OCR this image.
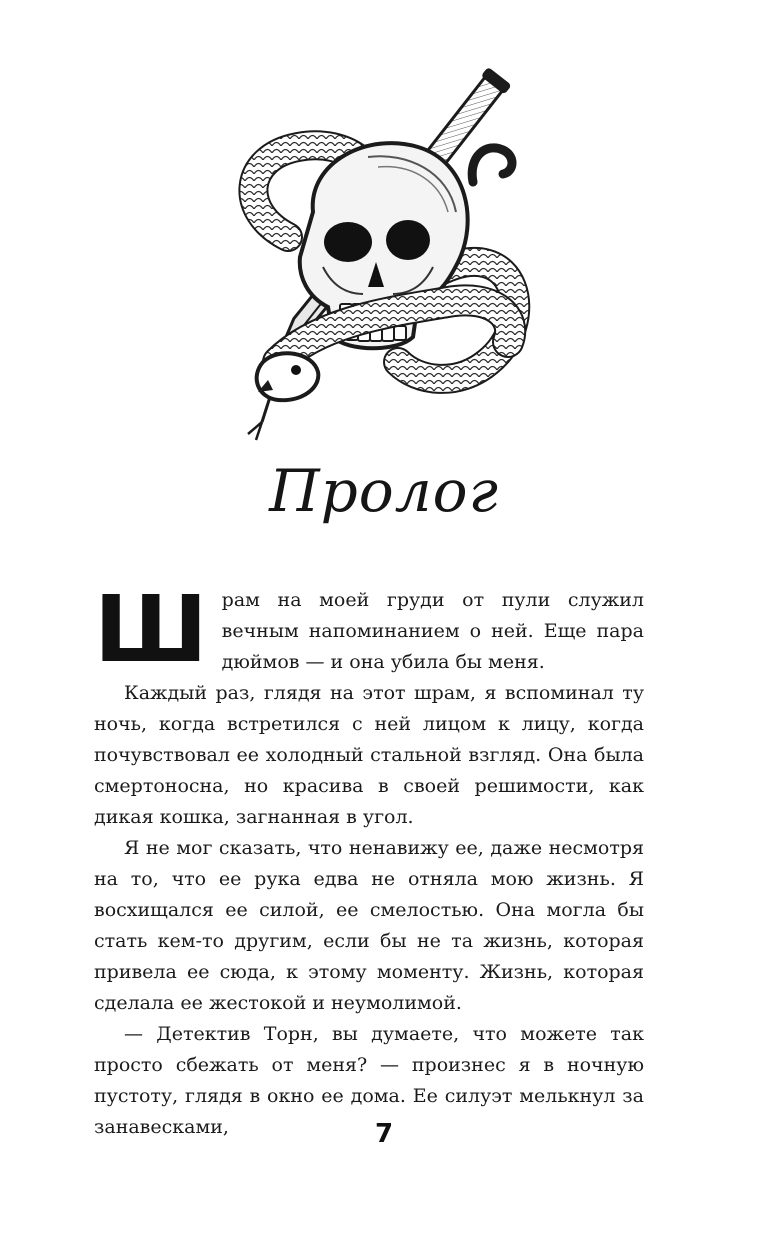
Пролог

Шрам на моей груди от пули служил вечным напоминанием о ней. Еще пара дюймов — и она убила бы меня.

Каждый раз, глядя на этот шрам, я вспоминал ту ночь, когда встретился с ней лицом к лицу, когда почувствовал ее холодный стальной взгляд. Она была смертоносна, но красива в своей решимости, как дикая кошка, загнанная в угол.

Я не мог сказать, что ненавижу ее, даже несмотря на то, что ее рука едва не отняла мою жизнь. Я восхищался ее силой, ее смелостью. Она могла бы стать кем-то другим, если бы не та жизнь, которая привела ее сюда, к этому моменту. Жизнь, которая сделала ее жестокой и неумолимой.

— Детектив Торн, вы думаете, что можете так просто сбежать от меня? — произнес я в ночную пустоту, глядя в окно ее дома. Ее силуэт мелькнул за занавесками,	7
